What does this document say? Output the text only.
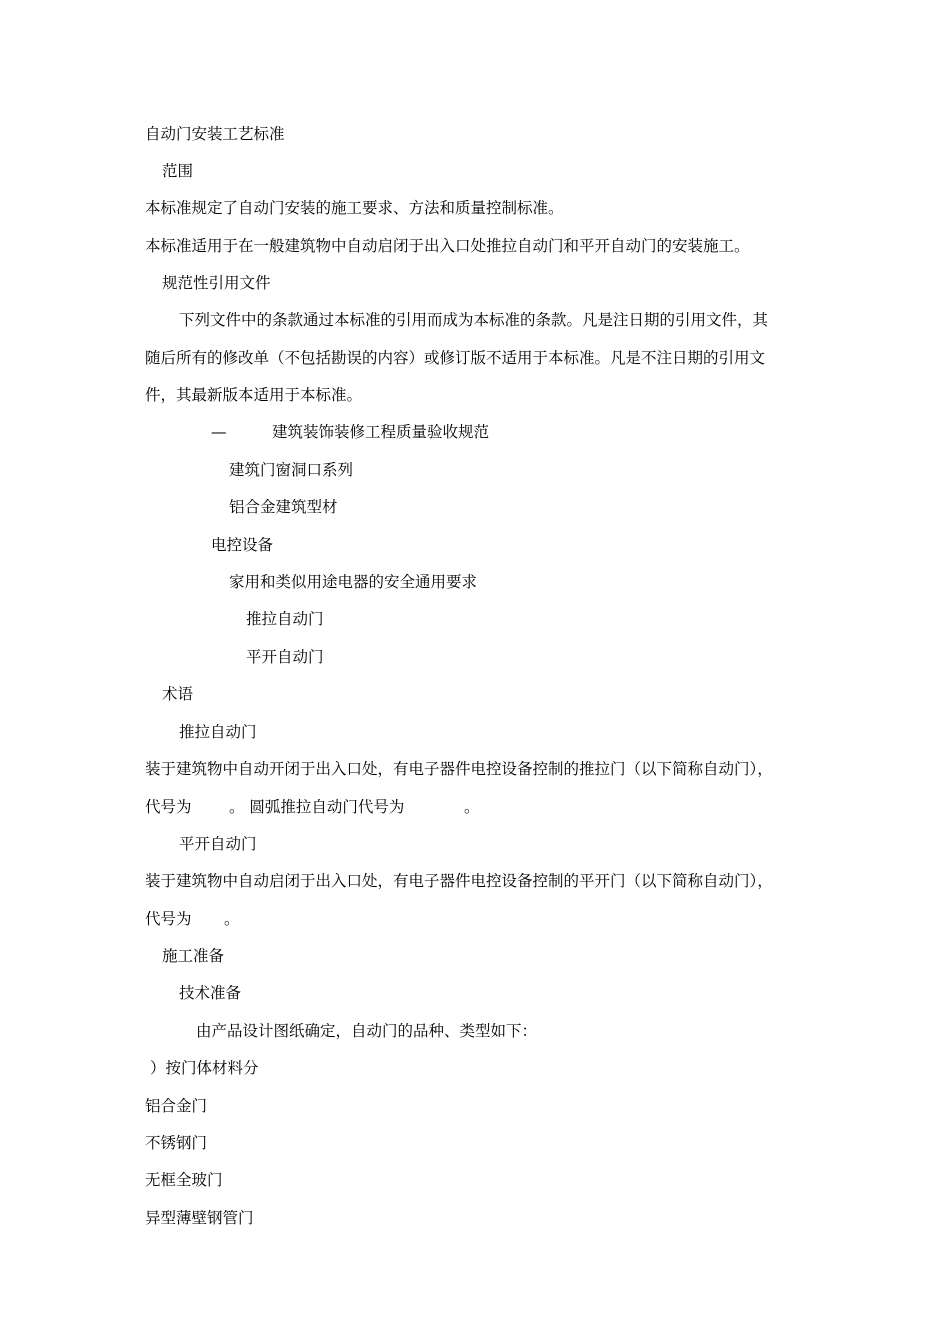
自动门安装工艺标准
范围
本标准规定了自动门安装的施工要求、方法和质量控制标准。
本标准适用于在一般建筑物中自动启闭于出入口处推拉自动门和平开自动门的安装施工。
规范性引用文件
下列文件中的条款通过本标准的引用而成为本标准的条款。凡是注日期的引用文件，其
随后所有的修改单（不包括勘误的内容）或修订版不适用于本标准。凡是不注日期的引用文
件，其最新版本适用于本标准。
—	建筑装饰装修工程质量验收规范
建筑门窗洞口系列
铝合金建筑型材
电控设备
家用和类似用途电器的安全通用要求
推拉自动门
平开自动门
术语
推拉自动门
装于建筑物中自动开闭于出入口处，有电子器件电控设备控制的推拉门（以下简称自动门），
代号为 。 圆弧推拉自动门代号为	。
平开自动门
装于建筑物中自动启闭于出入口处，有电子器件电控设备控制的平开门（以下简称自动门），
代号为 。
施工准备
技术准备
由产品设计图纸确定，自动门的品种、类型如下：
）按门体材料分
铝合金门
不锈钢门
无框全玻门
异型薄壁钢管门
